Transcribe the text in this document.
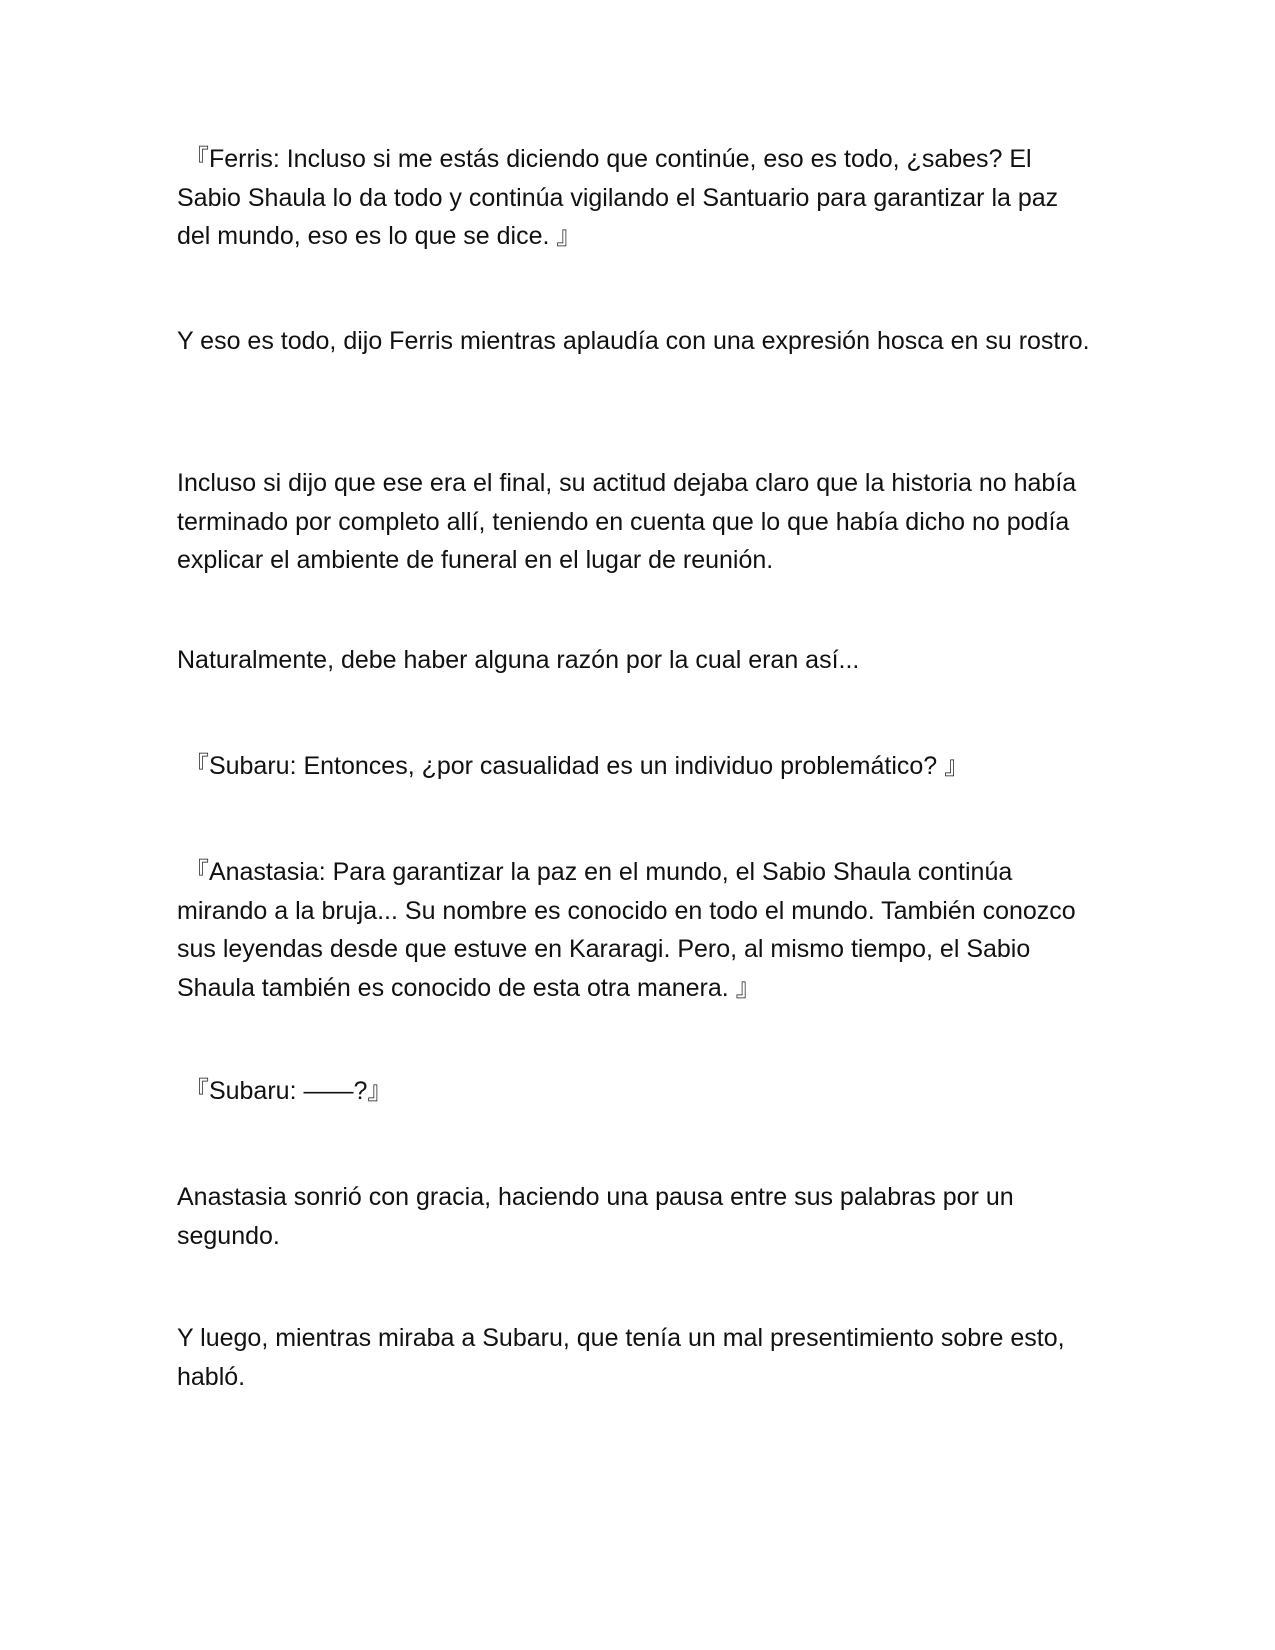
『Ferris: Incluso si me estás diciendo que continúe, eso es todo, ¿sabes? El Sabio Shaula lo da todo y continúa vigilando el Santuario para garantizar la paz del mundo, eso es lo que se dice. 』

Y eso es todo, dijo Ferris mientras aplaudía con una expresión hosca en su rostro.

Incluso si dijo que ese era el final, su actitud dejaba claro que la historia no había terminado por completo allí, teniendo en cuenta que lo que había dicho no podía explicar el ambiente de funeral en el lugar de reunión.

Naturalmente, debe haber alguna razón por la cual eran así...

『Subaru: Entonces, ¿por casualidad es un individuo problemático? 』

『Anastasia: Para garantizar la paz en el mundo, el Sabio Shaula continúa mirando a la bruja... Su nombre es conocido en todo el mundo. También conozco sus leyendas desde que estuve en Kararagi. Pero, al mismo tiempo, el Sabio Shaula también es conocido de esta otra manera. 』

『Subaru: ——?』

Anastasia sonrió con gracia, haciendo una pausa entre sus palabras por un segundo.

Y luego, mientras miraba a Subaru, que tenía un mal presentimiento sobre esto, habló.
